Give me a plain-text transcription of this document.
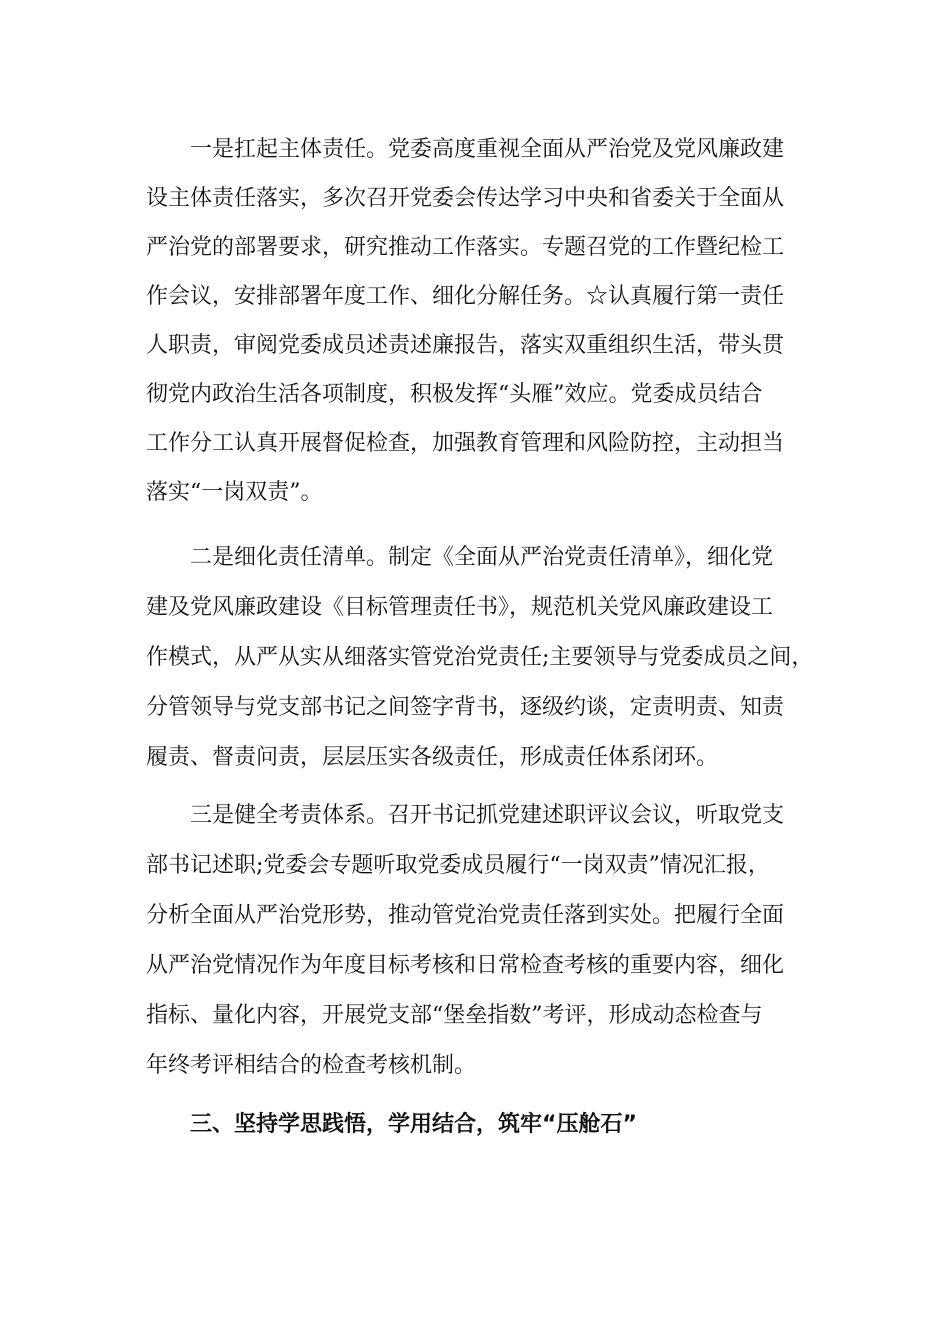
一是扛起主体责任。党委高度重视全面从严治党及党风廉政建
设主体责任落实，多次召开党委会传达学习中央和省委关于全面从
严治党的部署要求，研究推动工作落实。专题召党的工作暨纪检工
作会议，安排部署年度工作、细化分解任务。☆认真履行第一责任
人职责，审阅党委成员述责述廉报告，落实双重组织生活，带头贯
彻党内政治生活各项制度，积极发挥“头雁”效应。党委成员结合
工作分工认真开展督促检查，加强教育管理和风险防控，主动担当
落实“一岗双责”。
二是细化责任清单。制定《全面从严治党责任清单》，细化党
建及党风廉政建设《目标管理责任书》，规范机关党风廉政建设工
作模式，从严从实从细落实管党治党责任;主要领导与党委成员之间，
分管领导与党支部书记之间签字背书，逐级约谈，定责明责、知责
履责、督责问责，层层压实各级责任，形成责任体系闭环。
三是健全考责体系。召开书记抓党建述职评议会议，听取党支
部书记述职;党委会专题听取党委成员履行“一岗双责”情况汇报，
分析全面从严治党形势，推动管党治党责任落到实处。把履行全面
从严治党情况作为年度目标考核和日常检查考核的重要内容，细化
指标、量化内容，开展党支部“堡垒指数”考评，形成动态检查与
年终考评相结合的检查考核机制。
三、坚持学思践悟，学用结合，筑牢“压舱石”
